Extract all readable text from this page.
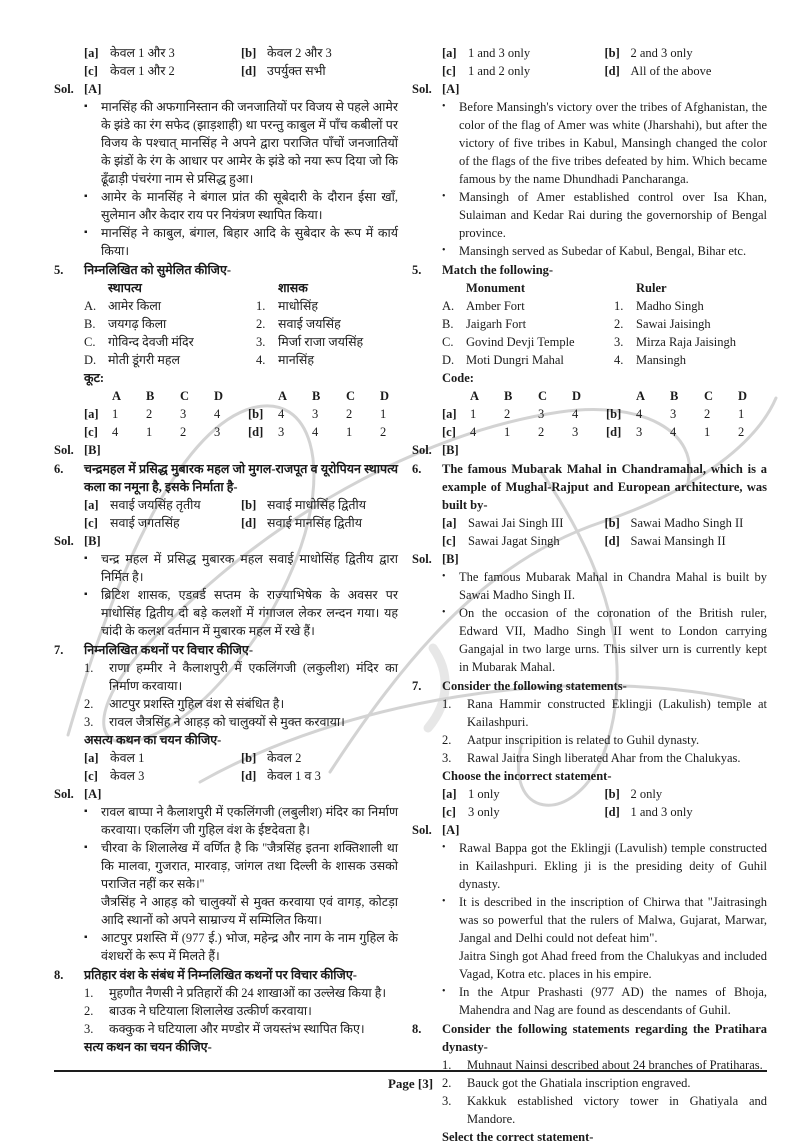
[a] केवल 1 और 3	[b] केवल 2 और 3
[c] केवल 1 और 2	[d] उपर्युक्त सभी
Sol. [A]
▪	मानसिंह की अफगानिस्तान की जनजातियों पर विजय से पहले आमेर के झंडे का रंग सफेद (झाड़शाही) था परन्तु काबुल में पाँच कबीलों पर विजय के पश्चात् मानसिंह ने अपने द्वारा पराजित पाँचों जनजातियों के झंडों के रंग के आधार पर आमेर के झंडे को नया रूप दिया जो कि ढूँढाड़ी पंचरंगा नाम से प्रसिद्ध हुआ।
▪	आमेर के मानसिंह ने बंगाल प्रांत की सूबेदारी के दौरान ईसा खाँ, सुलेमान और केदार राय पर नियंत्रण स्थापित किया।
▪	मानसिंह ने काबुल, बंगाल, बिहार आदि के सुबेदार के रूप में कार्य किया।
5.	निम्नलिखित को सुमेलित कीजिए-
स्थापत्य	शासक
A. आमेर किला	1.	माधोसिंह
B.	जयगढ़ किला	2.	सवाई जयसिंह
C.	गोविन्द देवजी मंदिर	3.	मिर्जा राजा जयसिंह
D. मोती डूंगरी महल	4.	मानसिंह
कूट:
A	B	C	D	A	B	C	D
[a]	1	2	3	4	[b]	4	3	2	1
[c]	4	1	2	3	[d]	3	4	1	2
Sol. [B]
6.	चन्द्रमहल में प्रसिद्ध मुबारक महल जो मुगल-राजपूत व यूरोपियन स्थापत्य कला का नमूना है, इसके निर्माता है-
[a] सवाई जयसिंह तृतीय	[b] सवाई माधोसिंह द्वितीय
[c] सवाई जगतसिंह	[d] सवाई मानसिंह द्वितीय
Sol. [B]
▪	चन्द्र महल में प्रसिद्ध मुबारक महल सवाई माधोसिंह द्वितीय द्वारा निर्मित है।
▪	ब्रिटिश शासक, एडवर्ड सप्तम के राज्याभिषेक के अवसर पर माधोसिंह द्वितीय दो बड़े कलशों में गंगाजल लेकर लन्दन गया। यह चांदी के कलश वर्तमान में मुबारक महल में रखे हैं।
7.	निम्नलिखित कथनों पर विचार कीजिए-
1.	राणा हम्मीर ने कैलाशपुरी में एकलिंगजी (लकुलीश) मंदिर का निर्माण करवाया।
2.	आटपुर प्रशस्ति गुहिल वंश से संबंधित है।
3.	रावल जैत्रसिंह ने आहड़ को चालुक्यों से मुक्त करवाया।
असत्य कथन का चयन कीजिए-
[a] केवल 1	[b] केवल 2
[c] केवल 3	[d] केवल 1 व 3
Sol. [A]
▪	रावल बाप्पा ने कैलाशपुरी में एकलिंगजी (लबुलीश) मंदिर का निर्माण करवाया। एकलिंग जी गुहिल वंश के ईष्टदेवता है।
▪	चीरवा के शिलालेख में वर्णित है कि ''जैत्रसिंह इतना शक्तिशाली था कि मालवा, गुजरात, मारवाड़, जांगल तथा दिल्ली के शासक उसको पराजित नहीं कर सके।''
जैत्रसिंह ने आहड़ को चालुक्यों से मुक्त करवाया एवं वागड़, कोटड़ा आदि स्थानों को अपने साम्राज्य में सम्मिलित किया।
▪	आटपुर प्रशस्ति में (977 ई.) भोज, महेन्द्र और नाग के नाम गुहिल के वंशधरों के रूप में मिलते हैं।
8.	प्रतिहार वंश के संबंध में निम्नलिखित कथनों पर विचार कीजिए-
1.	मुहणौत नैणसी ने प्रतिहारों की 24 शाखाओं का उल्लेख किया है।
2.	बाउक ने घटियाला शिलालेख उत्कीर्ण करवाया।
3.	कक्कुक ने घटियाला और मण्डोर में जयस्तंभ स्थापित किए।
सत्य कथन का चयन कीजिए-
[a] 1 and 3 only	[b] 2 and 3 only
[c] 1 and 2 only	[d] All of the above
Sol. [A]
•	Before Mansingh's victory over the tribes of Afghanistan, the color of the flag of Amer was white (Jharshahi), but after the victory of five tribes in Kabul, Mansingh changed the color of the flags of the five tribes defeated by him. Which became famous by the name Dhundhadi Pancharanga.
•	Mansingh of Amer established control over Isa Khan, Sulaiman and Kedar Rai during the governorship of Bengal province.
•	Mansingh served as Subedar of Kabul, Bengal, Bihar etc.
5.	Match the following-
Monument	Ruler
A. Amber Fort	1.	Madho Singh
B.	Jaigarh Fort	2.	Sawai Jaisingh
C.	Govind Devji Temple	3.	Mirza Raja Jaisingh
D. Moti Dungri Mahal	4.	Mansingh
Code:
A	B	C	D	A	B	C	D
[a]	1	2	3	4	[b]	4	3	2	1
[c]	4	1	2	3	[d]	3	4	1	2
Sol. [B]
6.	The famous Mubarak Mahal in Chandramahal, which is a example of Mughal-Rajput and European architecture, was built by-
[a] Sawai Jai Singh III	[b] Sawai Madho Singh II
[c] Sawai Jagat Singh	[d] Sawai Mansingh II
Sol. [B]
•	The famous Mubarak Mahal in Chandra Mahal is built by Sawai Madho Singh II.
•	On the occasion of the coronation of the British ruler, Edward VII, Madho Singh II went to London carrying Gangajal in two large urns. This silver urn is currently kept in Mubarak Mahal.
7.	Consider the following statements-
1.	Rana Hammir constructed Eklingji (Lakulish) temple at Kailashpuri.
2.	Aatpur inscripition is related to Guhil dynasty.
3.	Rawal Jaitra Singh liberated Ahar from the Chalukyas.
Choose the incorrect statement-
[a] 1 only	[b] 2 only
[c] 3 only	[d] 1 and 3 only
Sol. [A]
•	Rawal Bappa got the Eklingji (Lavulish) temple constructed in Kailashpuri. Ekling ji is the presiding deity of Guhil dynasty.
•	It is described in the inscription of Chirwa that "Jaitrasingh was so powerful that the rulers of Malwa, Gujarat, Marwar, Jangal and Delhi could not defeat him".
Jaitra Singh got Ahad freed from the Chalukyas and included Vagad, Kotra etc. places in his empire.
•	In the Atpur Prashasti (977 AD) the names of Bhoja, Mahendra and Nag are found as descendants of Guhil.
8.	Consider the following statements regarding the Pratihara dynasty-
1.	Muhnaut Nainsi described about 24 branches of Pratiharas.
2.	Bauck got the Ghatiala inscription engraved.
3.	Kakkuk established victory tower in Ghatiyala and Mandore.
Select the correct statement-
Page [3]
